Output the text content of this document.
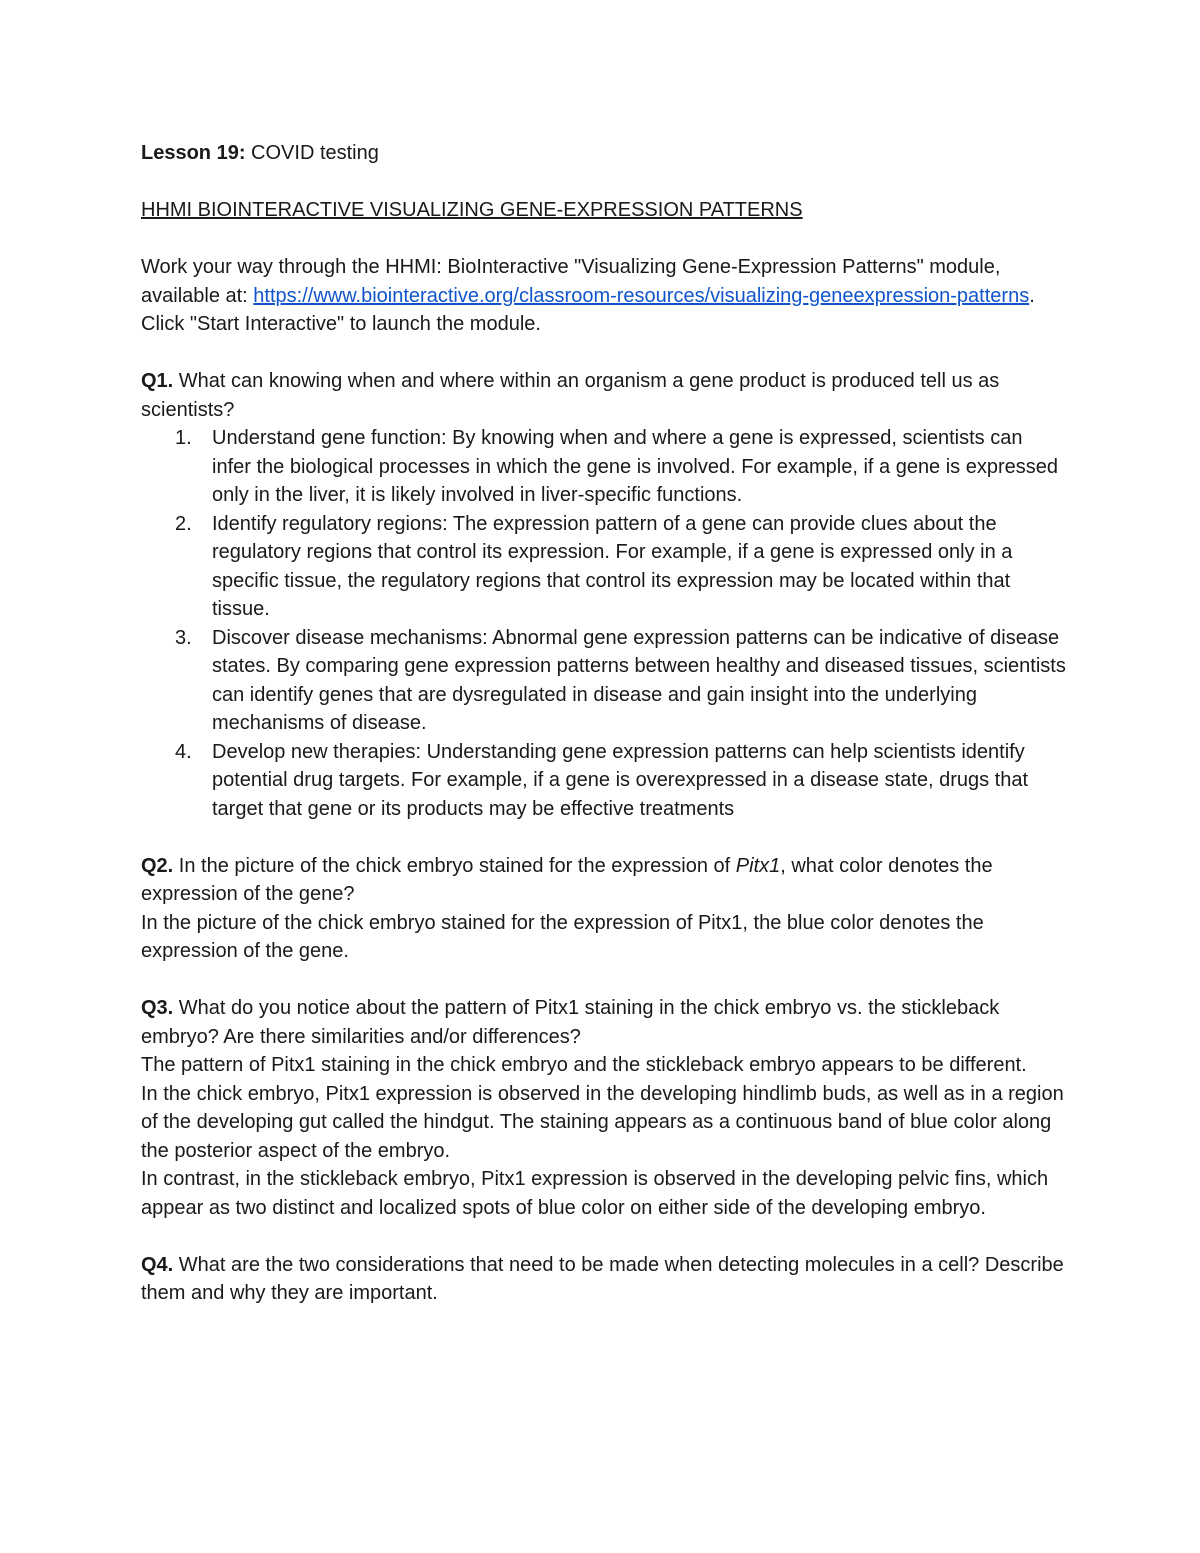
Lesson 19: COVID testing

HHMI BIOINTERACTIVE VISUALIZING GENE-EXPRESSION PATTERNS

Work your way through the HHMI: BioInteractive "Visualizing Gene-Expression Patterns" module, available at: https://www.biointeractive.org/classroom-resources/visualizing-geneexpression-patterns. Click "Start Interactive" to launch the module.

Q1. What can knowing when and where within an organism a gene product is produced tell us as scientists?

1. Understand gene function: By knowing when and where a gene is expressed, scientists can infer the biological processes in which the gene is involved. For example, if a gene is expressed only in the liver, it is likely involved in liver-specific functions.
2. Identify regulatory regions: The expression pattern of a gene can provide clues about the regulatory regions that control its expression. For example, if a gene is expressed only in a specific tissue, the regulatory regions that control its expression may be located within that tissue.
3. Discover disease mechanisms: Abnormal gene expression patterns can be indicative of disease states. By comparing gene expression patterns between healthy and diseased tissues, scientists can identify genes that are dysregulated in disease and gain insight into the underlying mechanisms of disease.
4. Develop new therapies: Understanding gene expression patterns can help scientists identify potential drug targets. For example, if a gene is overexpressed in a disease state, drugs that target that gene or its products may be effective treatments

Q2. In the picture of the chick embryo stained for the expression of Pitx1, what color denotes the expression of the gene?

In the picture of the chick embryo stained for the expression of Pitx1, the blue color denotes the expression of the gene.

Q3. What do you notice about the pattern of Pitx1 staining in the chick embryo vs. the stickleback embryo? Are there similarities and/or differences?

The pattern of Pitx1 staining in the chick embryo and the stickleback embryo appears to be different.

In the chick embryo, Pitx1 expression is observed in the developing hindlimb buds, as well as in a region of the developing gut called the hindgut. The staining appears as a continuous band of blue color along the posterior aspect of the embryo.

In contrast, in the stickleback embryo, Pitx1 expression is observed in the developing pelvic fins, which appear as two distinct and localized spots of blue color on either side of the developing embryo.

Q4. What are the two considerations that need to be made when detecting molecules in a cell? Describe them and why they are important.
